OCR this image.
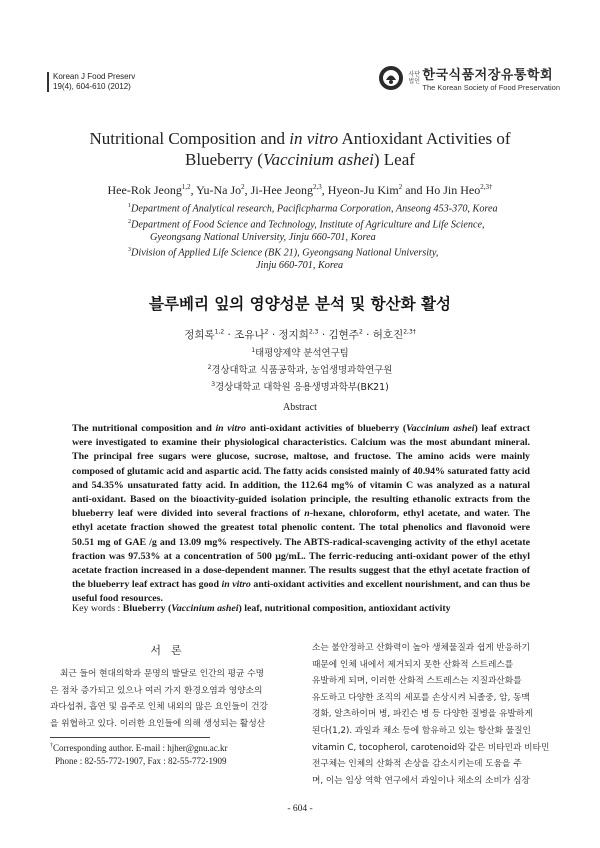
Korean J Food Preserv
19(4), 604-610 (2012)
사단법인 한국식품저장유통학회
The Korean Society of Food Preservation
Nutritional Composition and in vitro Antioxidant Activities of
Blueberry (Vaccinium ashei) Leaf
Hee-Rok Jeong$^{1,2}$, Yu-Na Jo$^2$, Ji-Hee Jeong$^{2,3}$, Hyeon-Ju Kim$^2$ and Ho Jin Heo$^{2,3\dagger}$
$^1$Department of Analytical research, Pacificpharma Corporation, Anseong 453-370, Korea
$^2$Department of Food Science and Technology, Institute of Agriculture and Life Science,
Gyeongsang National University, Jinju 660-701, Korea
$^3$Division of Applied Life Science (BK 21), Gyeongsang National University,
Jinju 660-701, Korea
블루베리 잎의 영양성분 분석 및 항산화 활성
정희록$^{1,2}$ · 조유나$^2$ · 정지희$^{2,3}$ · 김현주$^2$ · 허호진$^{2,3\dagger}$
$^1$태평양제약 분석연구팀
$^2$경상대학교 식품공학과, 농업생명과학연구원
$^3$경상대학교 대학원 응용생명과학부(BK21)
Abstract
The nutritional composition and in vitro anti-oxidant activities of blueberry (Vaccinium ashei) leaf extract were investigated to examine their physiological characteristics. Calcium was the most abundant mineral. The principal free sugars were glucose, sucrose, maltose, and fructose. The amino acids were mainly composed of glutamic acid and aspartic acid. The fatty acids consisted mainly of 40.94% saturated fatty acid and 54.35% unsaturated fatty acid. In addition, the 112.64 mg% of vitamin C was analyzed as a natural anti-oxidant. Based on the bioactivity-guided isolation principle, the resulting ethanolic extracts from the blueberry leaf were divided into several fractions of n-hexane, chloroform, ethyl acetate, and water. The ethyl acetate fraction showed the greatest total phenolic content. The total phenolics and flavonoid were 50.51 mg of GAE /g and 13.09 mg% respectively. The ABTS-radical-scavenging activity of the ethyl acetate fraction was 97.53% at a concentration of 500 μg/mL. The ferric-reducing anti-oxidant power of the ethyl acetate fraction increased in a dose-dependent manner. The results suggest that the ethyl acetate fraction of the blueberry leaf extract has good in vitro anti-oxidant activities and excellent nourishment, and can thus be useful food resources.
Key words : Blueberry (Vaccinium ashei) leaf, nutritional composition, antioxidant activity
서론
최근 들어 현대의학과 문명의 발달로 인간의 평균 수명
은 점차 증가되고 있으나 여러 가지 환경오염과 영양소의
과다섭취, 흡연 및 음주로 인체 내외의 많은 요인들이 건강
을 위협하고 있다. 이러한 요인들에 의해 생성되는 활성산
소는 불안정하고 산화력이 높아 생체물질과 쉽게 반응하기
때문에 인체 내에서 제거되지 못한 산화적 스트레스를
유발하게 되며, 이러한 산화적 스트레스는 지질과산화를
유도하고 다양한 조직의 세포를 손상시켜 뇌졸중, 암, 동맥
경화, 알츠하이머 병, 파킨슨 병 등 다양한 질병을 유발하게
된다(1,2). 과일과 채소 등에 함유하고 있는 항산화 물질인
vitamin C, tocopherol, carotenoid와 같은 비타민과 비타민
전구체는 인체의 산화적 손상을 감소시키는데 도움을 주
며, 이는 임상 역학 연구에서 과일이나 채소의 소비가 심장
†Corresponding author. E-mail : hjher@gnu.ac.kr
Phone : 82-55-772-1907, Fax : 82-55-772-1909
- 604 -
